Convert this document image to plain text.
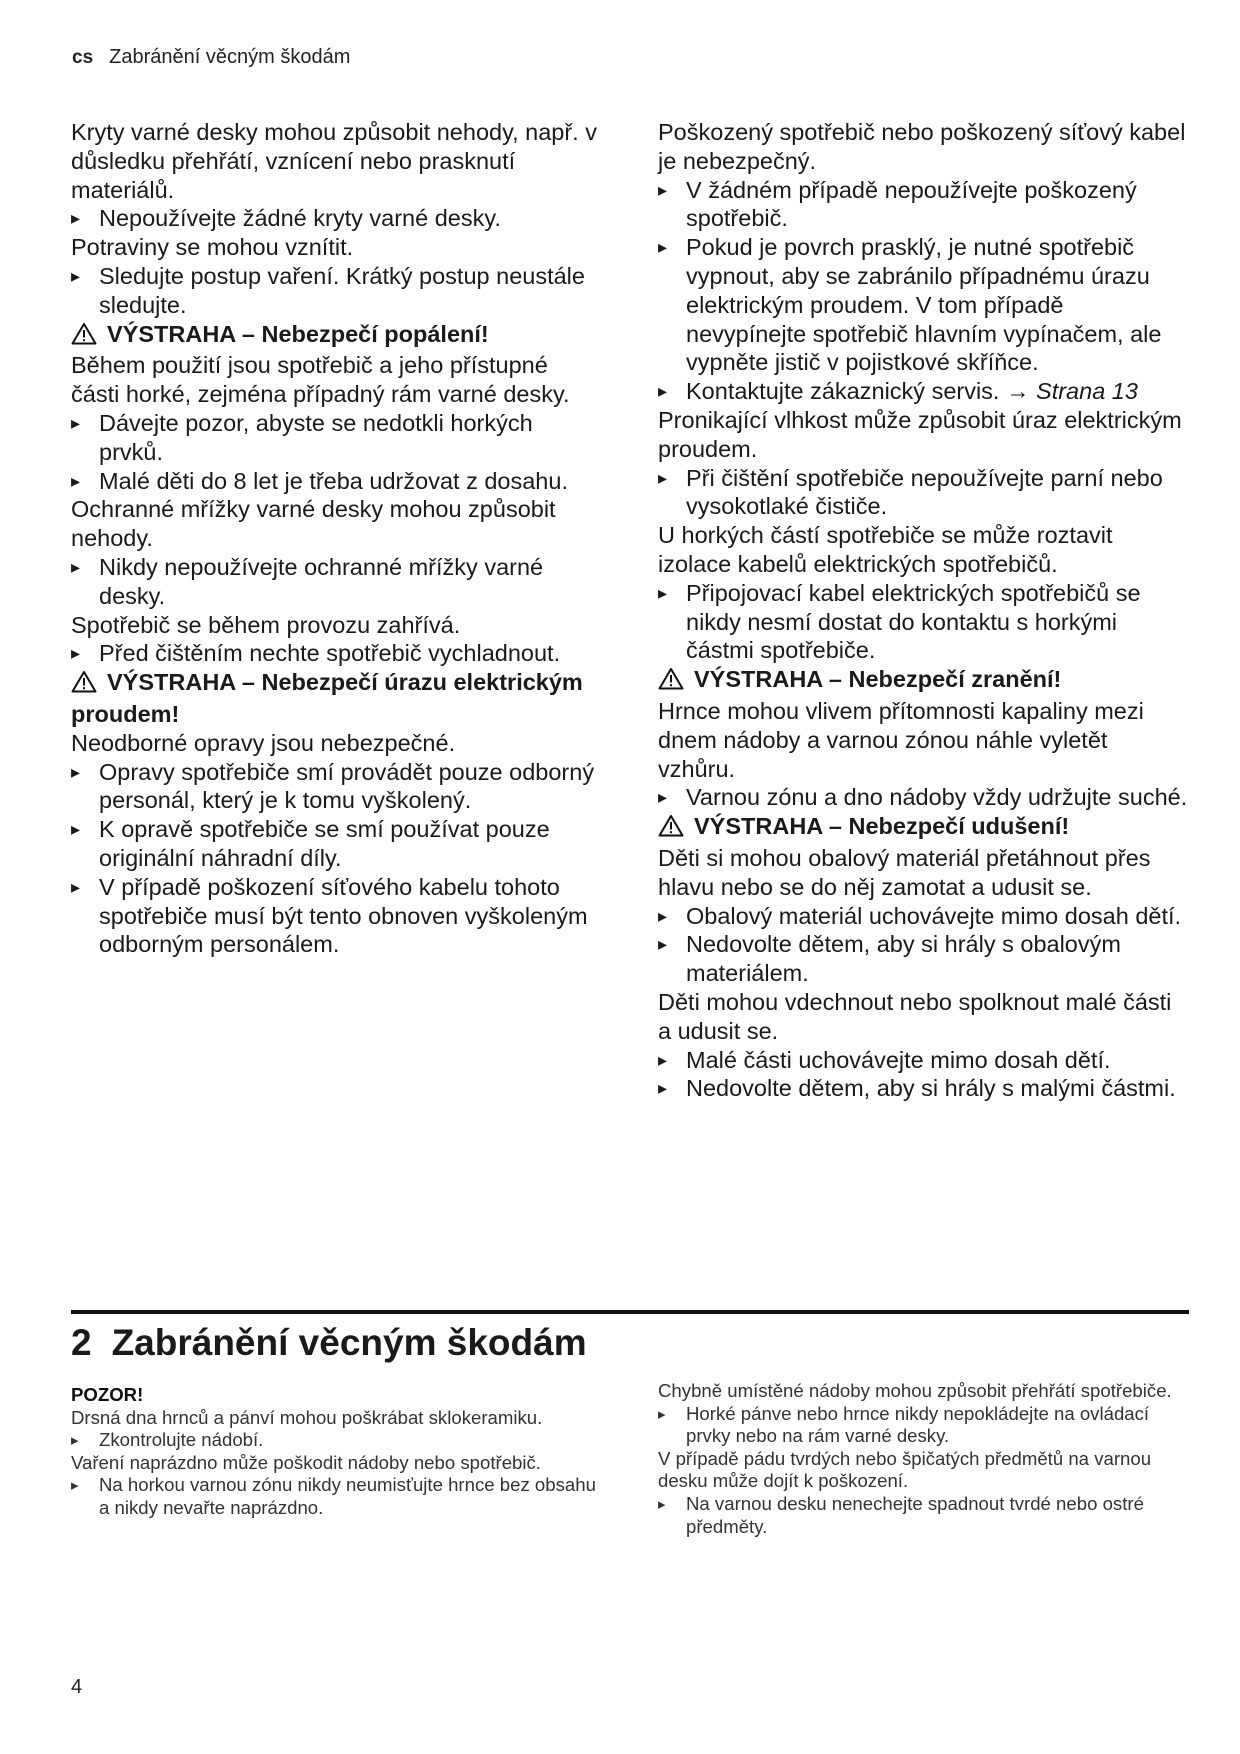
cs Zabránění věcným škodám

Kryty varné desky mohou způsobit nehody, např. v důsledku přehřátí, vznícení nebo prasknutí materiálů.

▸ Nepoužívejte žádné kryty varné desky.

Potraviny se mohou vznítit.

▸ Sledujte postup vaření. Krátký postup neustále sledujte.

VÝSTRAHA – Nebezpečí popálení!

Během použití jsou spotřebič a jeho přístupné části horké, zejména případný rám varné desky.

▸ Dávejte pozor, abyste se nedotkli horkých prvků.

▸ Malé děti do 8 let je třeba udržovat z dosahu.

Ochranné mřížky varné desky mohou způsobit nehody.

▸ Nikdy nepoužívejte ochranné mřížky varné desky.

Spotřebič se během provozu zahřívá.

▸ Před čištěním nechte spotřebič vychladnout.

VÝSTRAHA – Nebezpečí úrazu elektrickým proudem!

Neodborné opravy jsou nebezpečné.

▸ Opravy spotřebiče smí provádět pouze odborný personál, který je k tomu vyškolený.

▸ K opravě spotřebiče se smí používat pouze originální náhradní díly.

▸ V případě poškození síťového kabelu tohoto spotřebiče musí být tento obnoven vyškoleným odborným personálem.

Poškozený spotřebič nebo poškozený síťový kabel je nebezpečný.

▸ V žádném případě nepoužívejte poškozený spotřebič.

▸ Pokud je povrch prasklý, je nutné spotřebič vypnout, aby se zabránilo případnému úrazu elektrickým proudem. V tom případě nevypínejte spotřebič hlavním vypínačem, ale vypněte jistič v pojistkové skříňce.

▸ Kontaktujte zákaznický servis. → Strana 13

Pronikající vlhkost může způsobit úraz elektrickým proudem.

▸ Při čištění spotřebiče nepoužívejte parní nebo vysokotlaké čističe.

U horkých částí spotřebiče se může roztavit izolace kabelů elektrických spotřebičů.

▸ Připojovací kabel elektrických spotřebičů se nikdy nesmí dostat do kontaktu s horkými částmi spotřebiče.

VÝSTRAHA – Nebezpečí zranění!

Hrnce mohou vlivem přítomnosti kapaliny mezi dnem nádoby a varnou zónou náhle vyletět vzhůru.

▸ Varnou zónu a dno nádoby vždy udržujte suché.

VÝSTRAHA – Nebezpečí udušení!

Děti si mohou obalový materiál přetáhnout přes hlavu nebo se do něj zamotat a udusit se.

▸ Obalový materiál uchovávejte mimo dosah dětí.

▸ Nedovolte dětem, aby si hrály s obalovým materiálem.

Děti mohou vdechnout nebo spolknout malé části a udusit se.

▸ Malé části uchovávejte mimo dosah dětí.

▸ Nedovolte dětem, aby si hrály s malými částmi.

2 Zabránění věcným škodám

POZOR!

Drsná dna hrnců a pánví mohou poškrábat sklokeramiku.

▸ Zkontrolujte nádobí.

Vaření naprázdno může poškodit nádoby nebo spotřebič.

▸ Na horkou varnou zónu nikdy neumisťujte hrnce bez obsahu a nikdy nevařte naprázdno.

Chybně umístěné nádoby mohou způsobit přehřátí spotřebiče.

▸ Horké pánve nebo hrnce nikdy nepokládejte na ovládací prvky nebo na rám varné desky.

V případě pádu tvrdých nebo špičatých předmětů na varnou desku může dojít k poškození.

▸ Na varnou desku nenechejte spadnout tvrdé nebo ostré předměty.

4
